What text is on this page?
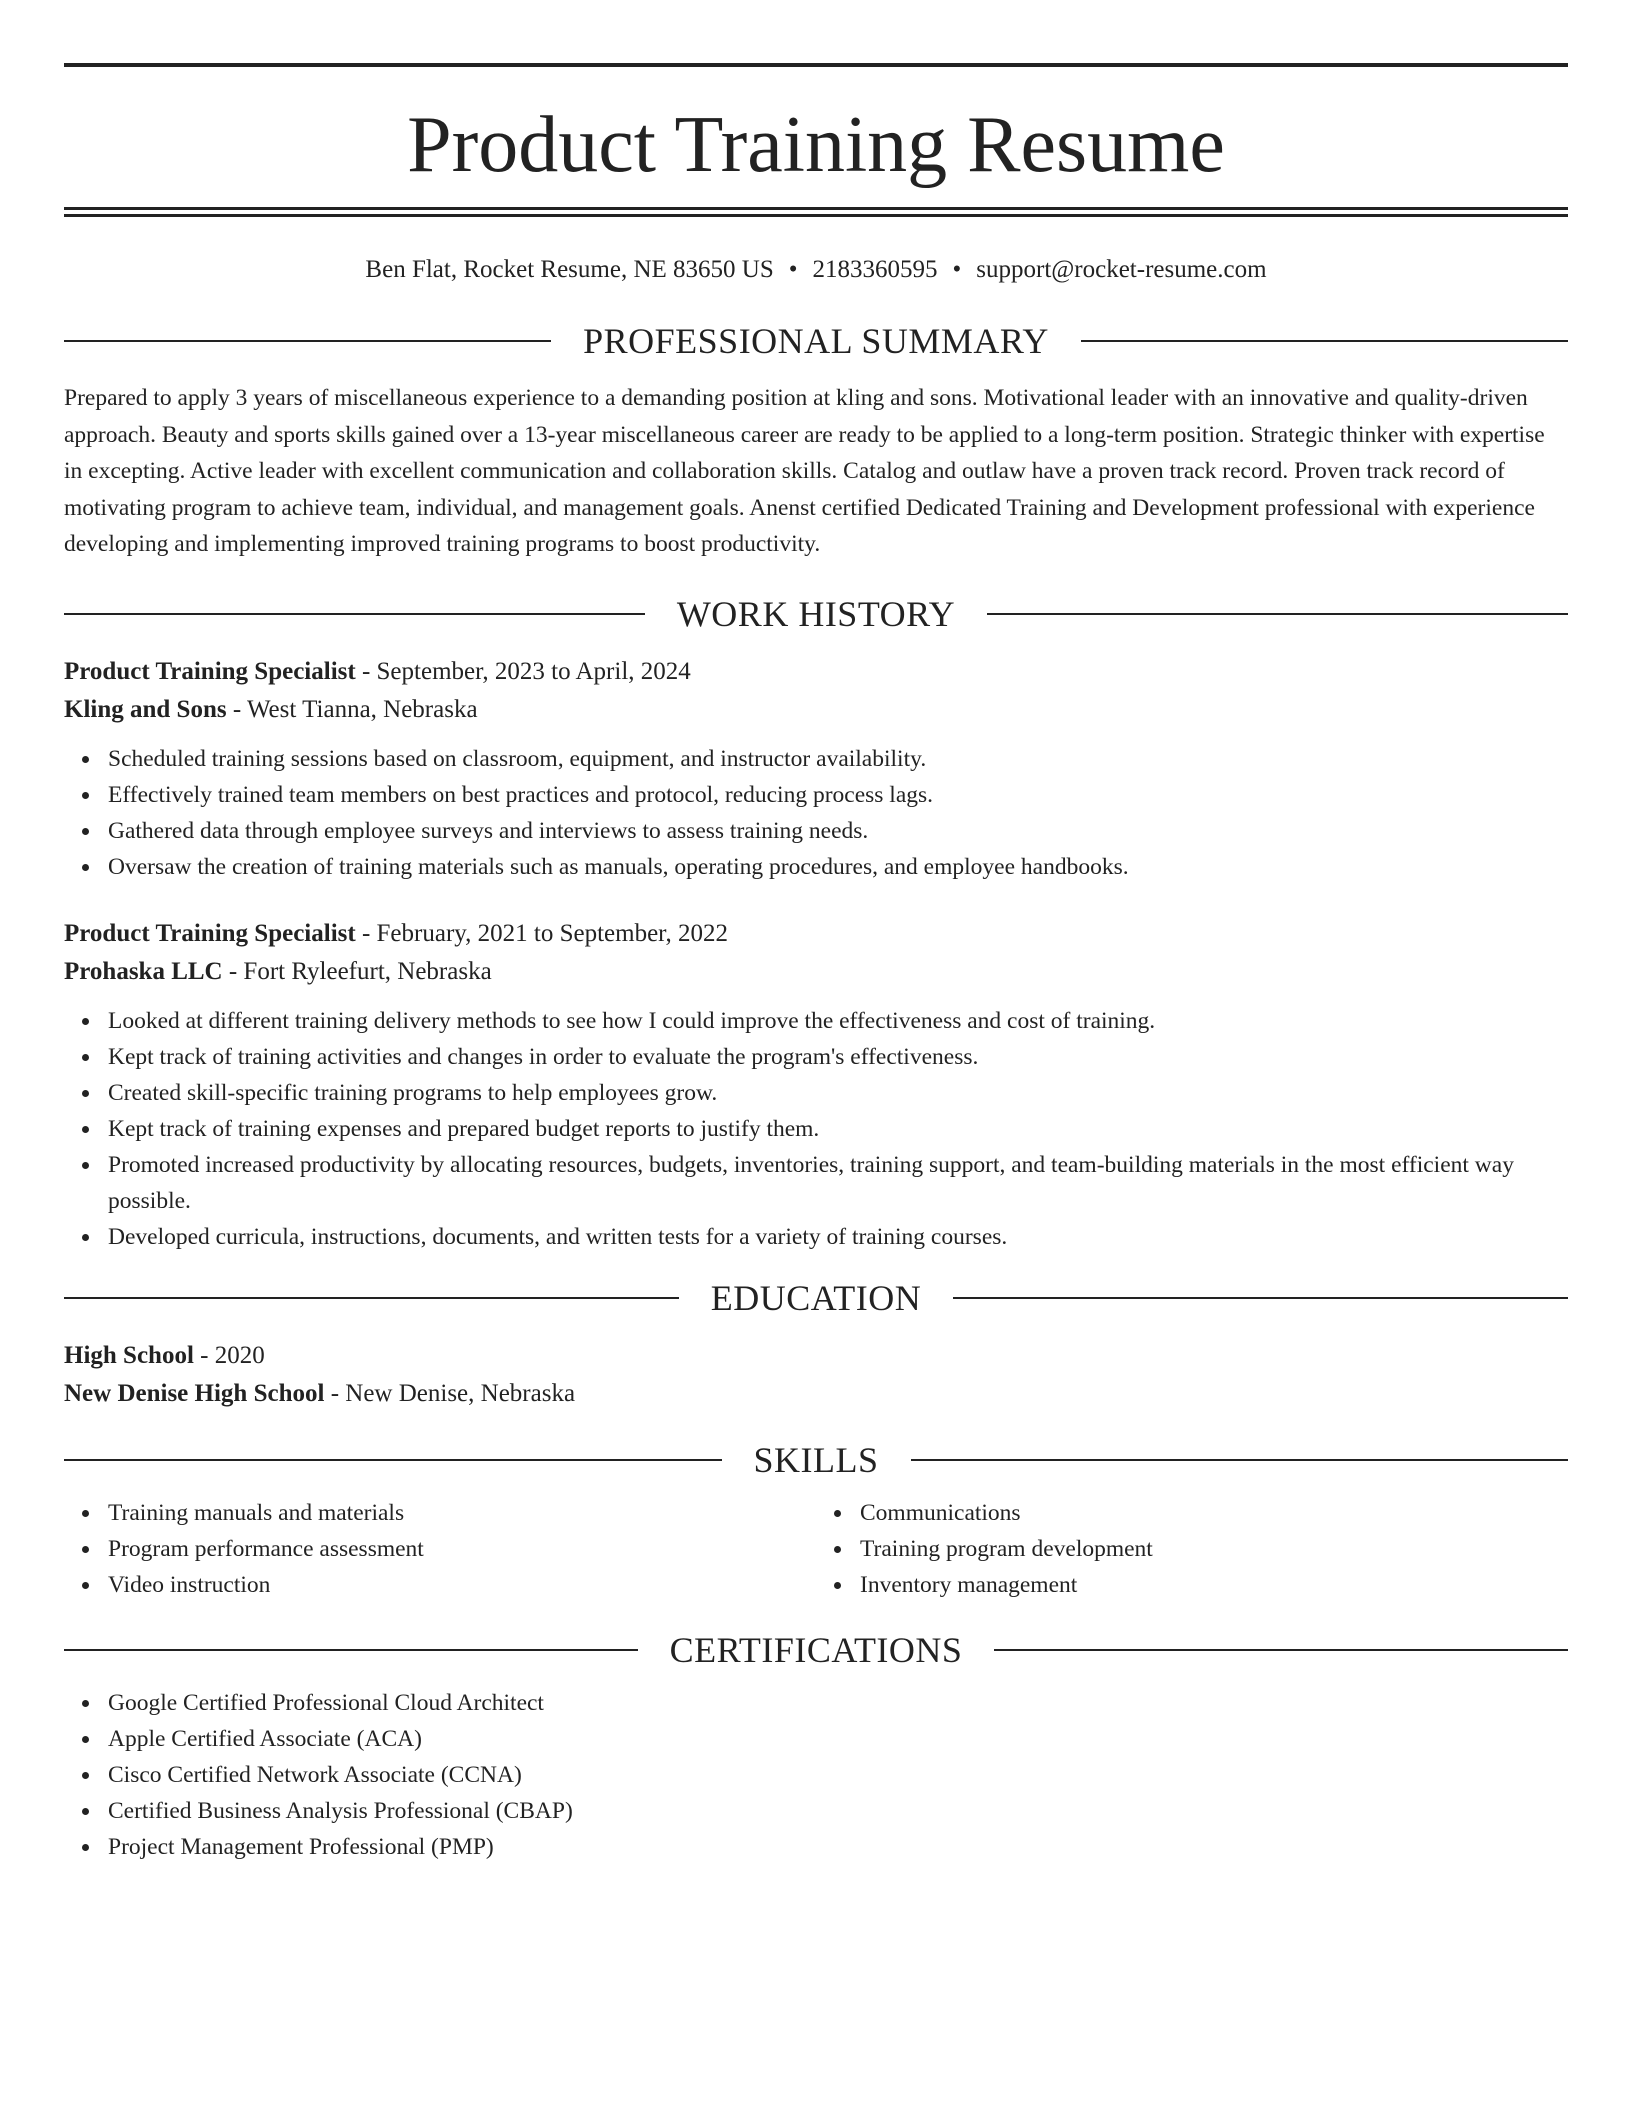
Product Training Resume
Ben Flat, Rocket Resume, NE 83650 US • 2183360595 • support@rocket-resume.com
PROFESSIONAL SUMMARY
Prepared to apply 3 years of miscellaneous experience to a demanding position at kling and sons. Motivational leader with an innovative and quality-driven approach. Beauty and sports skills gained over a 13-year miscellaneous career are ready to be applied to a long-term position. Strategic thinker with expertise in excepting. Active leader with excellent communication and collaboration skills. Catalog and outlaw have a proven track record. Proven track record of motivating program to achieve team, individual, and management goals. Anenst certified Dedicated Training and Development professional with experience developing and implementing improved training programs to boost productivity.
WORK HISTORY
Product Training Specialist - September, 2023 to April, 2024
Kling and Sons - West Tianna, Nebraska
Scheduled training sessions based on classroom, equipment, and instructor availability.
Effectively trained team members on best practices and protocol, reducing process lags.
Gathered data through employee surveys and interviews to assess training needs.
Oversaw the creation of training materials such as manuals, operating procedures, and employee handbooks.
Product Training Specialist - February, 2021 to September, 2022
Prohaska LLC - Fort Ryleefurt, Nebraska
Looked at different training delivery methods to see how I could improve the effectiveness and cost of training.
Kept track of training activities and changes in order to evaluate the program's effectiveness.
Created skill-specific training programs to help employees grow.
Kept track of training expenses and prepared budget reports to justify them.
Promoted increased productivity by allocating resources, budgets, inventories, training support, and team-building materials in the most efficient way possible.
Developed curricula, instructions, documents, and written tests for a variety of training courses.
EDUCATION
High School - 2020
New Denise High School - New Denise, Nebraska
SKILLS
Training manuals and materials
Program performance assessment
Video instruction
Communications
Training program development
Inventory management
CERTIFICATIONS
Google Certified Professional Cloud Architect
Apple Certified Associate (ACA)
Cisco Certified Network Associate (CCNA)
Certified Business Analysis Professional (CBAP)
Project Management Professional (PMP)
